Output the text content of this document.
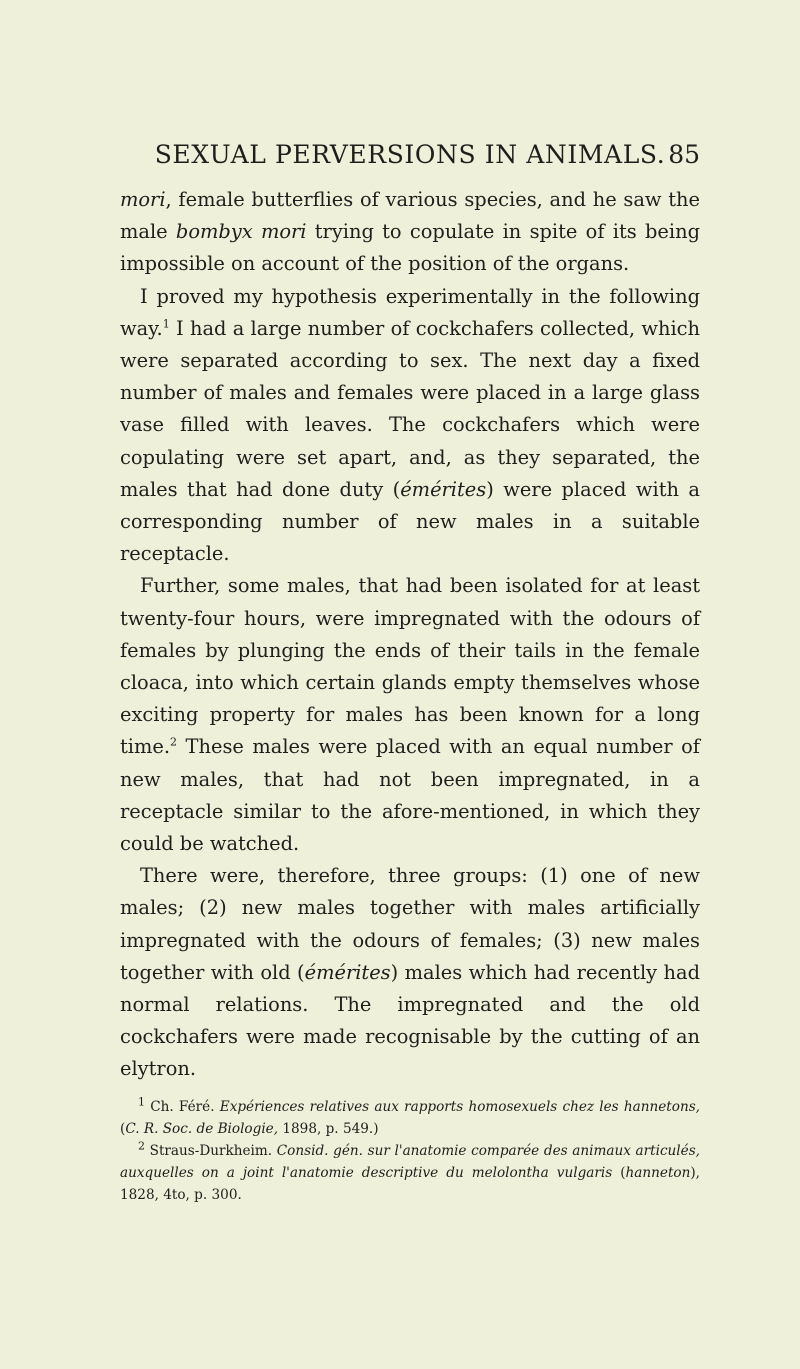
SEXUAL PERVERSIONS IN ANIMALS. 85

mori, female butterflies of various species, and he saw the male bombyx mori trying to copulate in spite of its being impossible on account of the position of the organs.

I proved my hypothesis experimentally in the following way.$^1$ I had a large number of cockchafers collected, which were separated according to sex. The next day a fixed number of males and females were placed in a large glass vase filled with leaves. The cockchafers which were copulating were set apart, and, as they separated, the males that had done duty (émérites) were placed with a corresponding number of new males in a suitable receptacle.

Further, some males, that had been isolated for at least twenty-four hours, were impregnated with the odours of females by plunging the ends of their tails in the female cloaca, into which certain glands empty themselves whose exciting property for males has been known for a long time.$^2$ These males were placed with an equal number of new males, that had not been impregnated, in a receptacle similar to the afore-mentioned, in which they could be watched.

There were, therefore, three groups: (1) one of new males; (2) new males together with males artificially impregnated with the odours of females; (3) new males together with old (émérites) males which had recently had normal relations. The impregnated and the old cockchafers were made recognisable by the cutting of an elytron.

$^1$ Ch. Féré. Expériences relatives aux rapports homosexuels chez les hannetons, (C. R. Soc. de Biologie, 1898, p. 549.)

$^2$ Straus-Durkheim. Consid. gén. sur l'anatomie comparée des animaux articulés, auxquelles on a joint l'anatomie descriptive du melolontha vulgaris (hanneton), 1828, 4to, p. 300.
